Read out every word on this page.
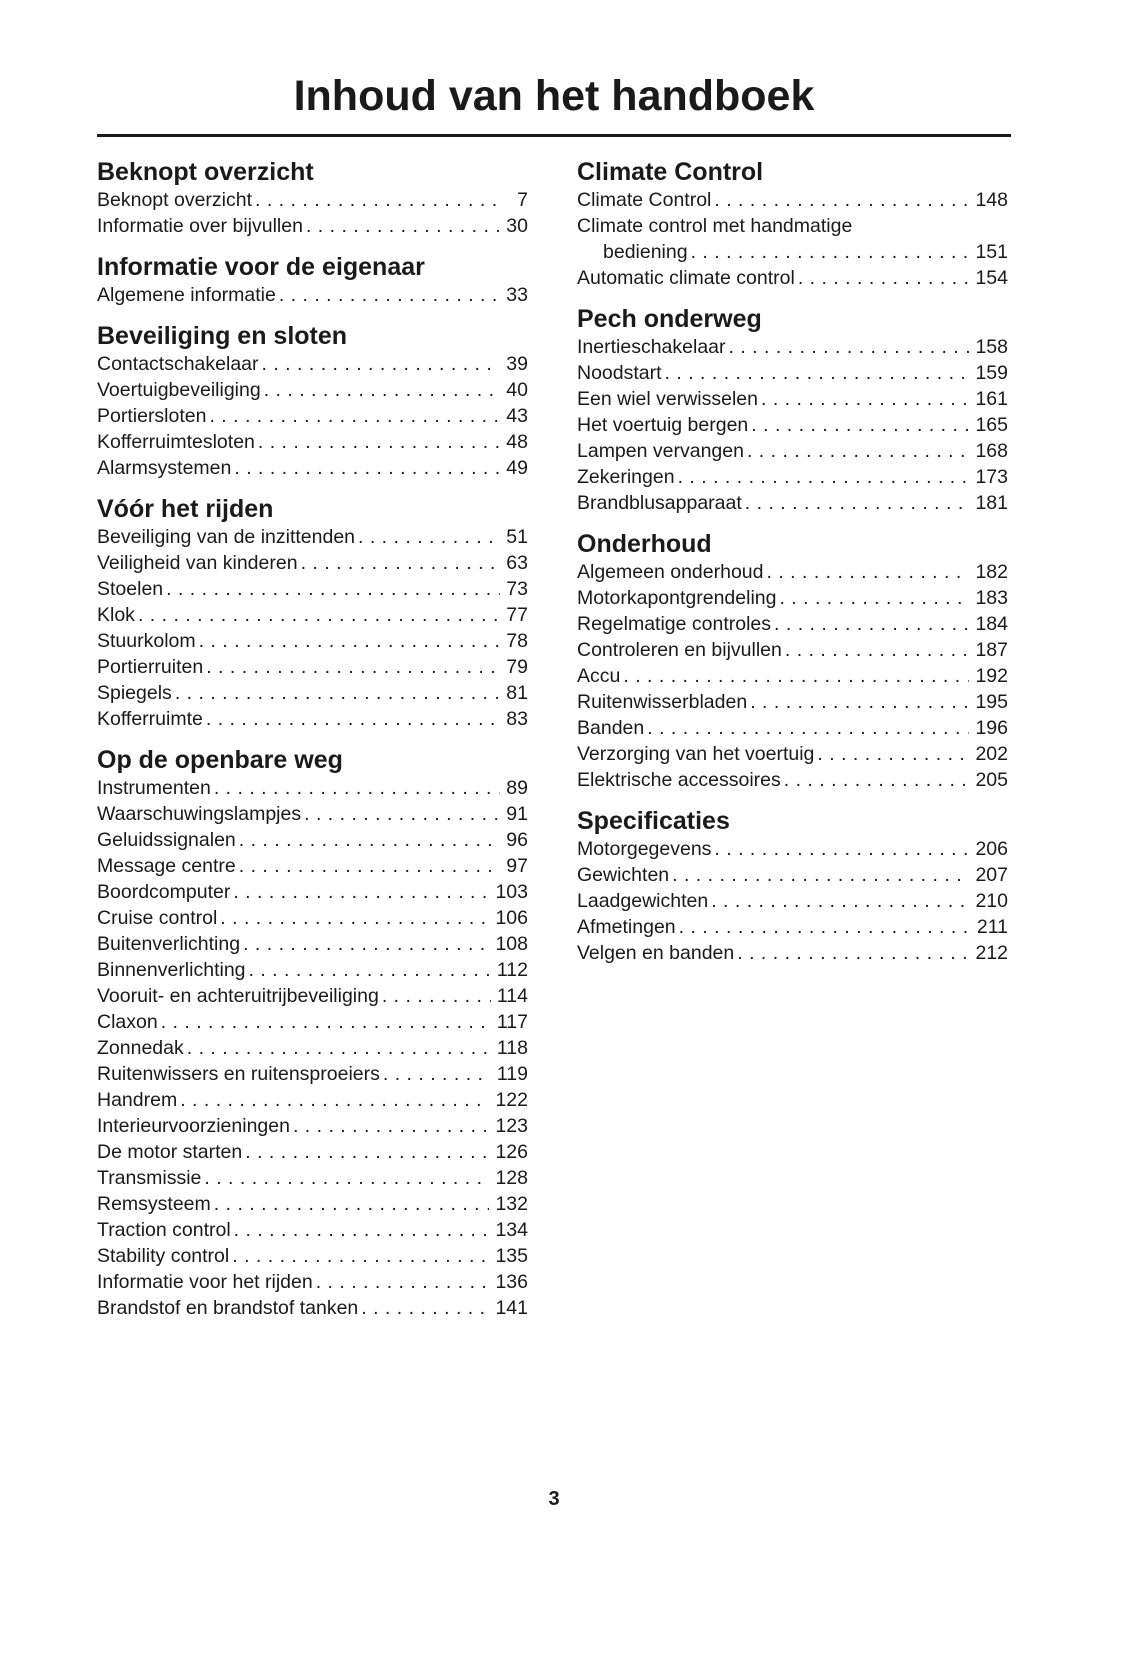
Inhoud van het handboek
Beknopt overzicht
Beknopt overzicht . . .	7
Informatie over bijvullen . . .	30
Informatie voor de eigenaar
Algemene informatie . . .	33
Beveiliging en sloten
Contactschakelaar . . .	39
Voertuigbeveiliging . . .	40
Portiersloten . . .	43
Kofferruimtesloten . . .	48
Alarmsystemen . . .	49
Vóór het rijden
Beveiliging van de inzittenden . . .	51
Veiligheid van kinderen . . .	63
Stoelen . . .	73
Klok . . .	77
Stuurkolom . . .	78
Portierruiten . . .	79
Spiegels . . .	81
Kofferruimte . . .	83
Op de openbare weg
Instrumenten . . .	89
Waarschuwingslampjes . . .	91
Geluidssignalen . . .	96
Message centre . . .	97
Boordcomputer . . .	103
Cruise control . . .	106
Buitenverlichting . . .	108
Binnenverlichting . . .	112
Vooruit- en achteruitrijbeveiliging . . .	114
Claxon . . .	117
Zonnedak . . .	118
Ruitenwissers en ruitensproeiers . . .	119
Handrem . . .	122
Interieurvoorzieningen . . .	123
De motor starten . . .	126
Transmissie . . .	128
Remsysteem . . .	132
Traction control . . .	134
Stability control . . .	135
Informatie voor het rijden . . .	136
Brandstof en brandstof tanken . . .	141
Climate Control
Climate Control . . .	148
Climate control met handmatige
bediening . . .	151
Automatic climate control . . .	154
Pech onderweg
Inertieschakelaar . . .	158
Noodstart . . .	159
Een wiel verwisselen . . .	161
Het voertuig bergen . . .	165
Lampen vervangen . . .	168
Zekeringen . . .	173
Brandblusapparaat . . .	181
Onderhoud
Algemeen onderhoud . . .	182
Motorkapontgrendeling . . .	183
Regelmatige controles . . .	184
Controleren en bijvullen . . .	187
Accu . . .	192
Ruitenwisserbladen . . .	195
Banden . . .	196
Verzorging van het voertuig . . .	202
Elektrische accessoires . . .	205
Specificaties
Motorgegevens . . .	206
Gewichten . . .	207
Laadgewichten . . .	210
Afmetingen . . .	211
Velgen en banden . . .	212
3
